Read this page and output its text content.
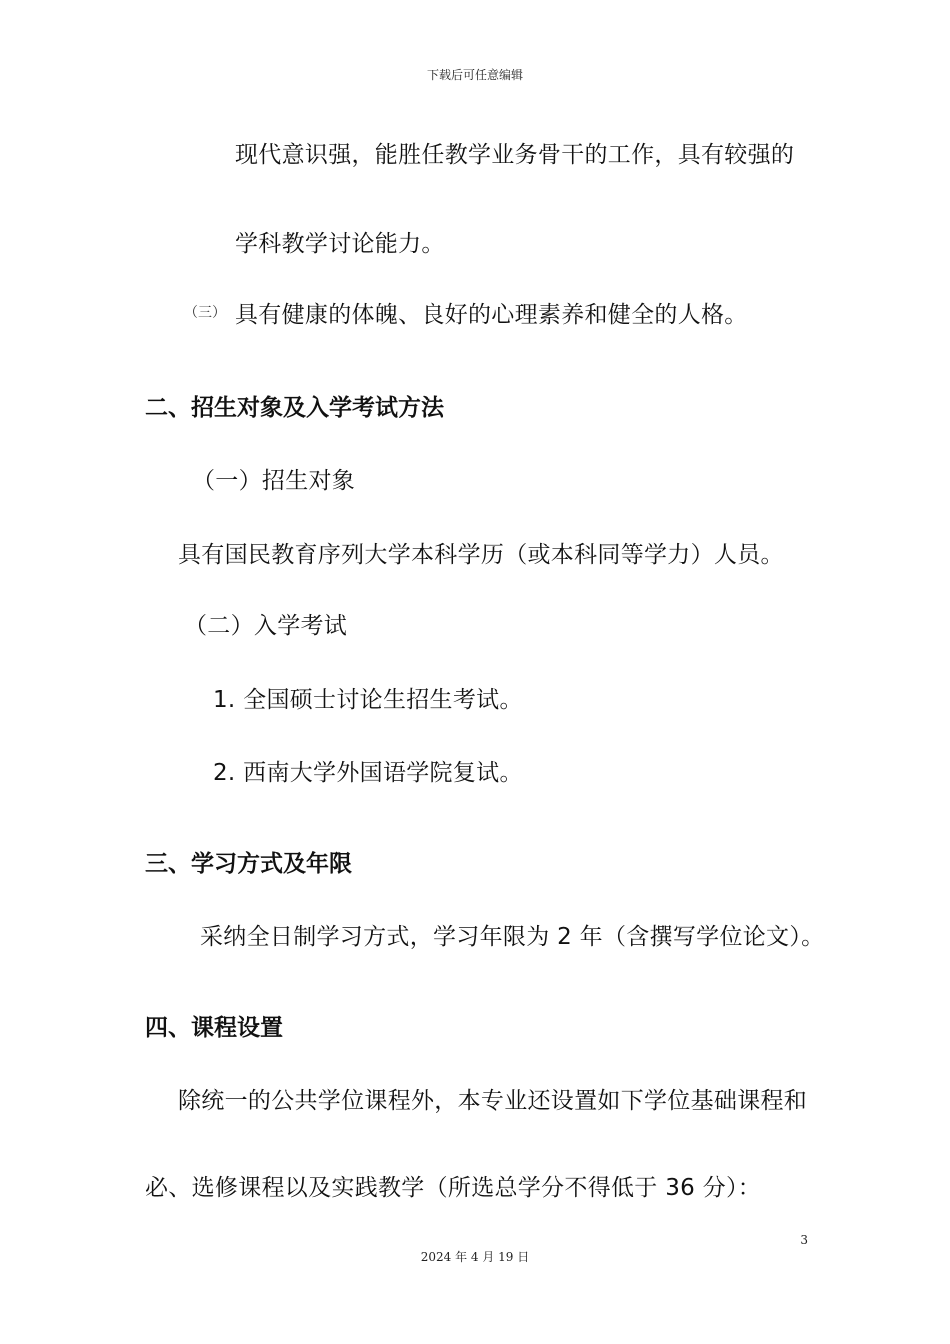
下载后可任意编辑
现代意识强，能胜任教学业务骨干的工作，具有较强的
学科教学讨论能力。
（三） 具有健康的体魄、良好的心理素养和健全的人格。
二、招生对象及入学考试方法
（一）招生对象
具有国民教育序列大学本科学历（或本科同等学力）人员。
（二）入学考试
1. 全国硕士讨论生招生考试。
2. 西南大学外国语学院复试。
三、学习方式及年限
采纳全日制学习方式，学习年限为 2 年（含撰写学位论文）。
四、课程设置
除统一的公共学位课程外，本专业还设置如下学位基础课程和
必、选修课程以及实践教学（所选总学分不得低于 36 分）：
3
2024 年 4 月 19 日
